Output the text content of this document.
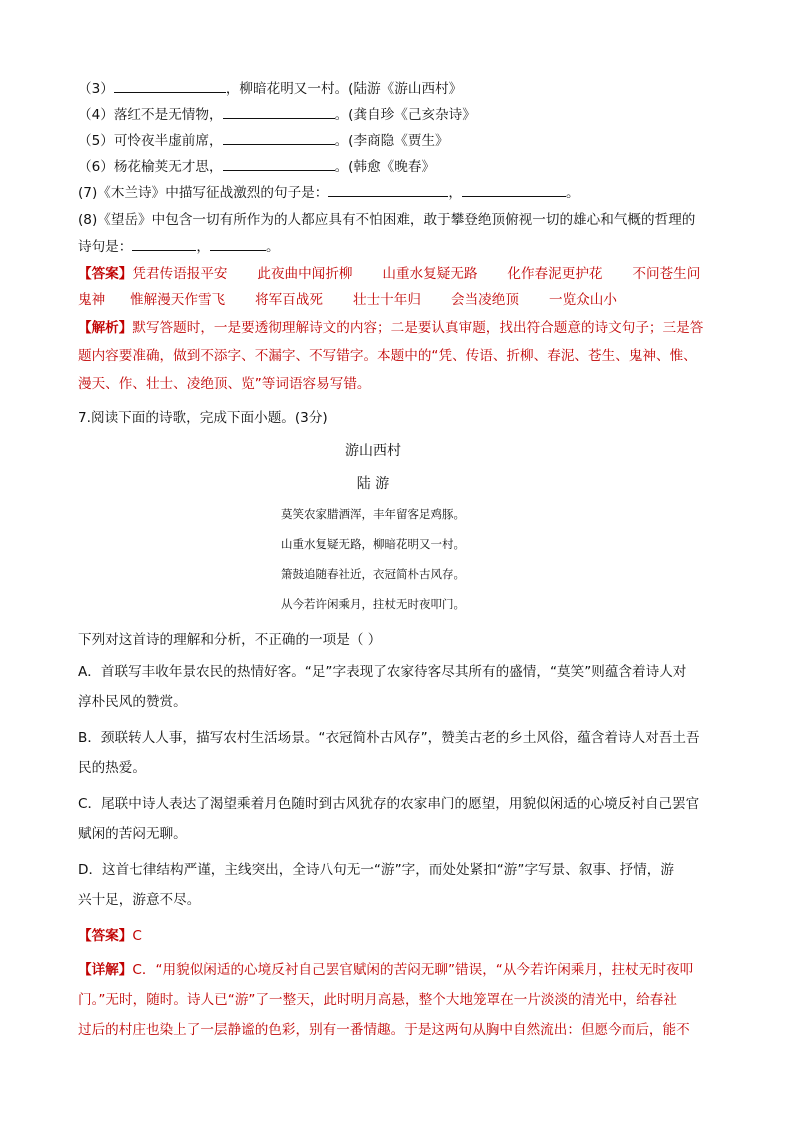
（3）	，柳暗花明又一村。(陆游《游山西村》
（4）落红不是无情物，	。(龚自珍《己亥杂诗》
（5）可怜夜半虚前席，	。(李商隐《贾生》
（6）杨花榆荚无才思，	。(韩愈《晚春》
(7)《木兰诗》中描写征战激烈的句子是：	，	。
(8)《望岳》中包含一切有所作为的人都应具有不怕困难，敢于攀登绝顶俯视一切的雄心和气概的哲理的
诗句是：	，	。
【答案】凭君传语报平安 此夜曲中闻折柳 山重水复疑无路 化作春泥更护花 不问苍生问
鬼神 惟解漫天作雪飞 将军百战死 壮士十年归 会当凌绝顶 一览众山小
【解析】默写答题时，一是要透彻理解诗文的内容；二是要认真审题，找出符合题意的诗文句子；三是答
题内容要准确，做到不添字、不漏字、不写错字。本题中的“凭、传语、折柳、春泥、苍生、鬼神、惟、
漫天、作、壮士、凌绝顶、览”等词语容易写错。
7.阅读下面的诗歌，完成下面小题。(3分)
游山西村
陆 游
莫笑农家腊酒浑，丰年留客足鸡豚。
山重水复疑无路，柳暗花明又一村。
箫鼓追随春社近，衣冠简朴古风存。
从今若许闲乘月，拄杖无时夜叩门。
下列对这首诗的理解和分析，不正确的一项是（ ）
A．首联写丰收年景农民的热情好客。“足”字表现了农家待客尽其所有的盛情，“莫笑”则蕴含着诗人对
淳朴民风的赞赏。
B．颈联转人人事，描写农村生活场景。“衣冠简朴古风存”，赞美古老的乡土风俗，蕴含着诗人对吾土吾
民的热爱。
C．尾联中诗人表达了渴望乘着月色随时到古风犹存的农家串门的愿望，用貌似闲适的心境反衬自己罢官
赋闲的苦闷无聊。
D．这首七律结构严谨，主线突出，全诗八句无一“游”字，而处处紧扣“游”字写景、叙事、抒情，游
兴十足，游意不尽。
【答案】C
【详解】C．“用貌似闲适的心境反衬自己罢官赋闲的苦闷无聊”错误，“从今若许闲乘月，拄杖无时夜叩
门。”无时，随时。诗人已“游”了一整天，此时明月高悬，整个大地笼罩在一片淡淡的清光中，给春社
过后的村庄也染上了一层静谧的色彩，别有一番情趣。于是这两句从胸中自然流出：但愿今而后，能不
